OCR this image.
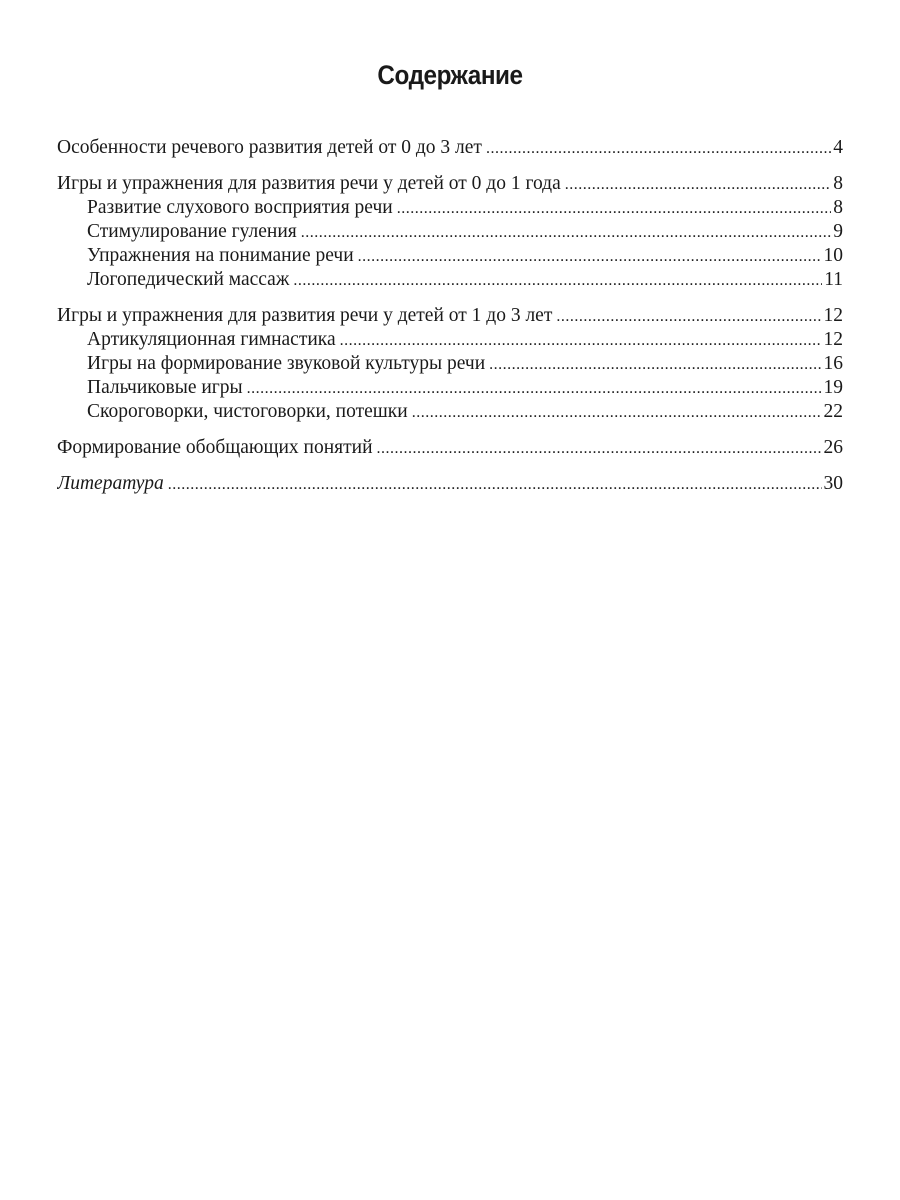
Содержание
Особенности речевого развития детей от 0 до 3 лет .....	4
Игры и упражнения для развития речи у детей от 0 до 1 года .....	8
Развитие слухового восприятия речи .....	8
Стимулирование гуления .....	9
Упражнения на понимание речи .....	10
Логопедический массаж .....	11
Игры и упражнения для развития речи у детей от 1 до 3 лет .....	12
Артикуляционная гимнастика .....	12
Игры на формирование звуковой культуры речи .....	16
Пальчиковые игры .....	19
Скороговорки, чистоговорки, потешки .....	22
Формирование обобщающих понятий .....	26
Литература .....	30
